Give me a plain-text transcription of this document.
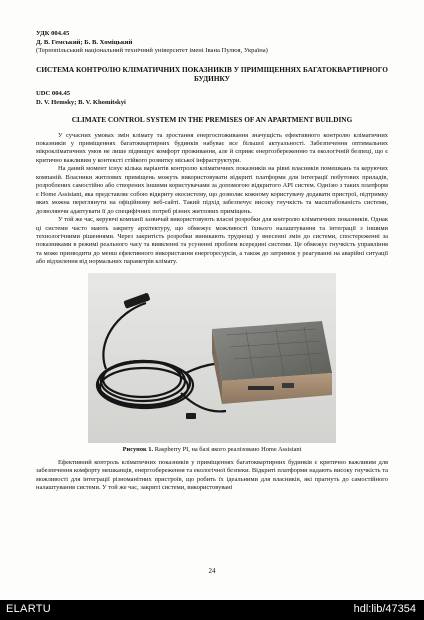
УДК 004.45
Д. В. Гемський; Б. В. Хоміцький
(Тернопільський національний технічний університет імені Івана Пулюя, Україна)
СИСТЕМА КОНТРОЛЮ КЛІМАТИЧНИХ ПОКАЗНИКІВ У ПРИМІЩЕННЯХ БАГАТОКВАРТИРНОГО БУДИНКУ
UDC 004.45
D. V. Hemsky; B. V. Khomitskyi
CLIMATE CONTROL SYSTEM IN THE PREMISES OF AN APARTMENT BUILDING

У сучасних умовах змін клімату та зростання енергоспоживання значущість ефективного контролю кліматичних показників у приміщеннях багатоквартирних будинків набуває все більшої актуальності. Забезпечення оптимальних мікрокліматичних умов не лише підвищує комфорт проживання, але й сприяє енергозбереженню та екологічній безпеці, що є критично важливим у контексті стійкого розвитку міської інфраструктури.

На даний момент існує кілька варіантів контролю кліматичних показників на рівні власників помешкань та керуючих компаній. Власники житлових приміщень можуть використовувати відкриті платформи для інтеграції побутових приладів, розроблених самостійно або створених іншими користувачами за допомогою відкритого API систем. Одніэю з таких платформ є Home Assistant, яка представляє собою відкриту екосистему, що дозволяє кожному користувачу додавати пристрої, підтримку яких можна переглянути на офіційному веб-сайті. Такий підхід забезпечує високу гнучкість та масштабованість системи, дозволяючи адаптувати її до специфічних потреб різних житлових приміщень.

У той же час, керуючі компанії зазвичай використовують власні розробки для контролю кліматичних показників. Однак ці системи часто мають закриту архітектуру, що обмежує можливості їхнього налаштування та інтеграції з іншими технологічними рішеннями. Через закритість розробки виникають труднощі у внесенні змін до системи, спостереженні за показниками в режимі реального часу та виявленні та усуненні проблем всередині системи. Це обмежує гнучкість управління та може призводити до менш ефективного використання енергоресурсів, а також до затримок у реагуванні на аварійні ситуації або відхилення від нормальних параметрів клімату.

Рисунок 1. Raspberry PI, на базі якого реалізовано Home Assistant

Ефективний контроль кліматичних показників у приміщеннях багатоквартирних будинків є критично важливим для забезпечення комфорту мешканців, енергозбереження та екологічної безпеки. Відкриті платформи надають високу гнучкість та можливості для інтеграції різноманітних пристроїв, що робить їх ідеальними для власників, які прагнуть до самостійного налаштування системи. У той же час, закриті системи, використовувані

24
ELARTU	hdl:lib/47354
